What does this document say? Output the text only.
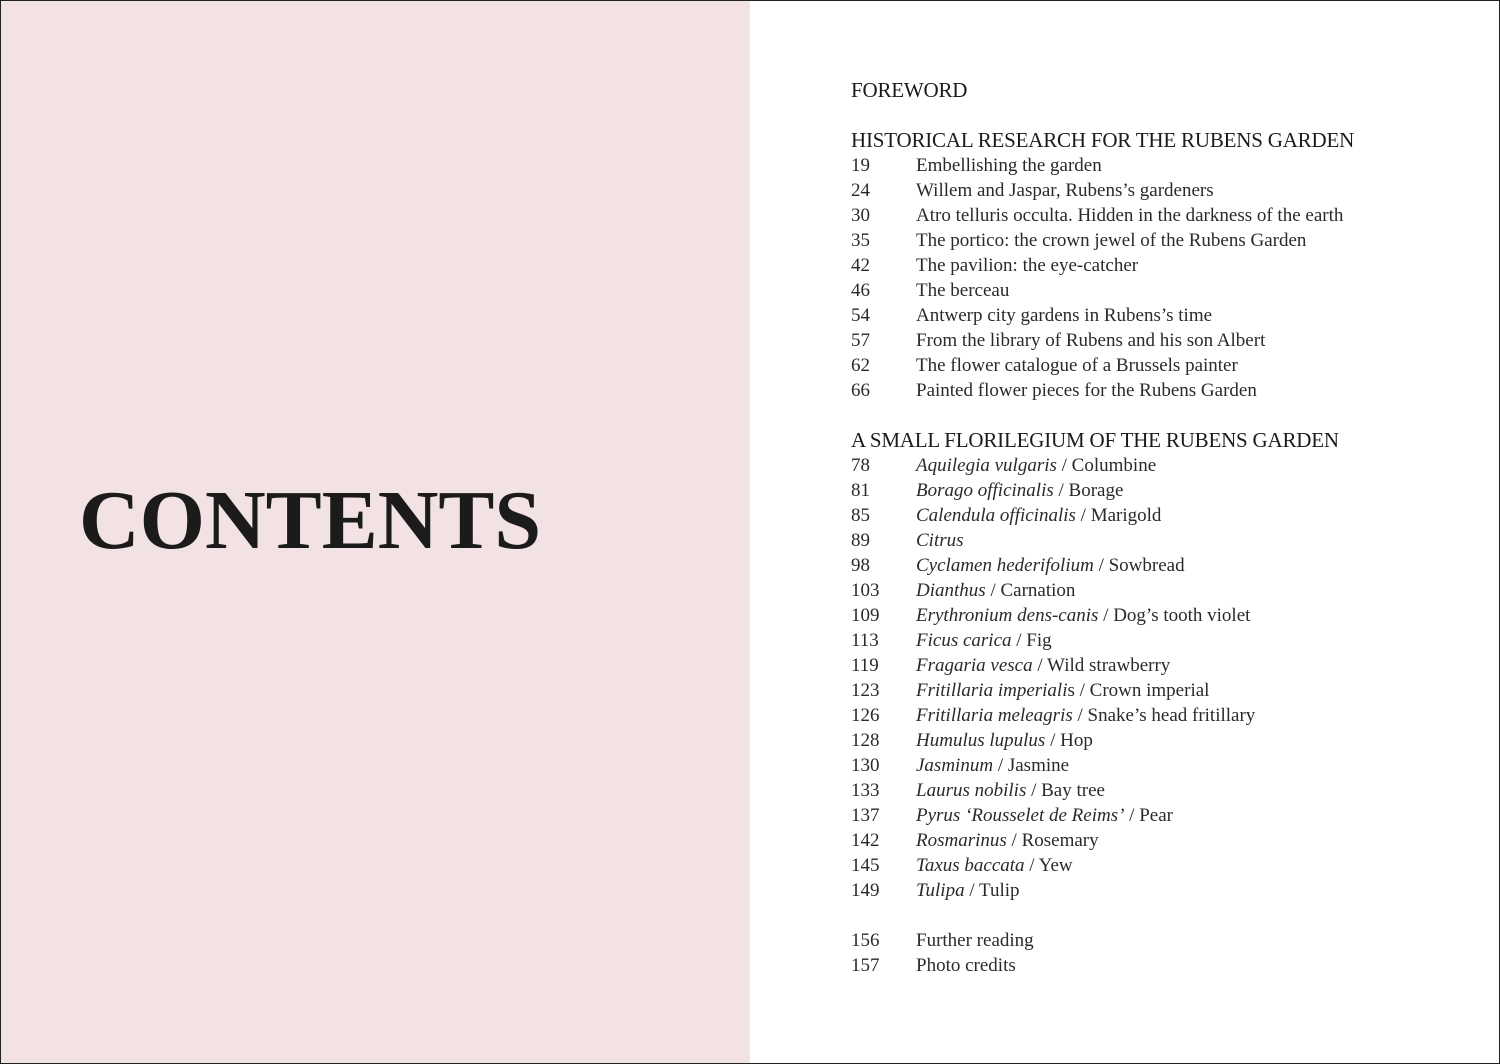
CONTENTS
FOREWORD
HISTORICAL RESEARCH FOR THE RUBENS GARDEN
19	Embellishing the garden
24	Willem and Jaspar, Rubens’s gardeners
30	Atro telluris occulta. Hidden in the darkness of the earth
35	The portico: the crown jewel of the Rubens Garden
42	The pavilion: the eye-catcher
46	The berceau
54	Antwerp city gardens in Rubens’s time
57	From the library of Rubens and his son Albert
62	The flower catalogue of a Brussels painter
66	Painted flower pieces for the Rubens Garden
A SMALL FLORILEGIUM OF THE RUBENS GARDEN
78	Aquilegia vulgaris / Columbine
81	Borago officinalis / Borage
85	Calendula officinalis / Marigold
89	Citrus
98	Cyclamen hederifolium / Sowbread
103	Dianthus / Carnation
109	Erythronium dens-canis / Dog’s tooth violet
113	Ficus carica / Fig
119	Fragaria vesca / Wild strawberry
123	Fritillaria imperialis / Crown imperial
126	Fritillaria meleagris / Snake’s head fritillary
128	Humulus lupulus / Hop
130	Jasminum / Jasmine
133	Laurus nobilis / Bay tree
137	Pyrus ‘Rousselet de Reims’ / Pear
142	Rosmarinus / Rosemary
145	Taxus baccata / Yew
149	Tulipa / Tulip
156	Further reading
157	Photo credits
